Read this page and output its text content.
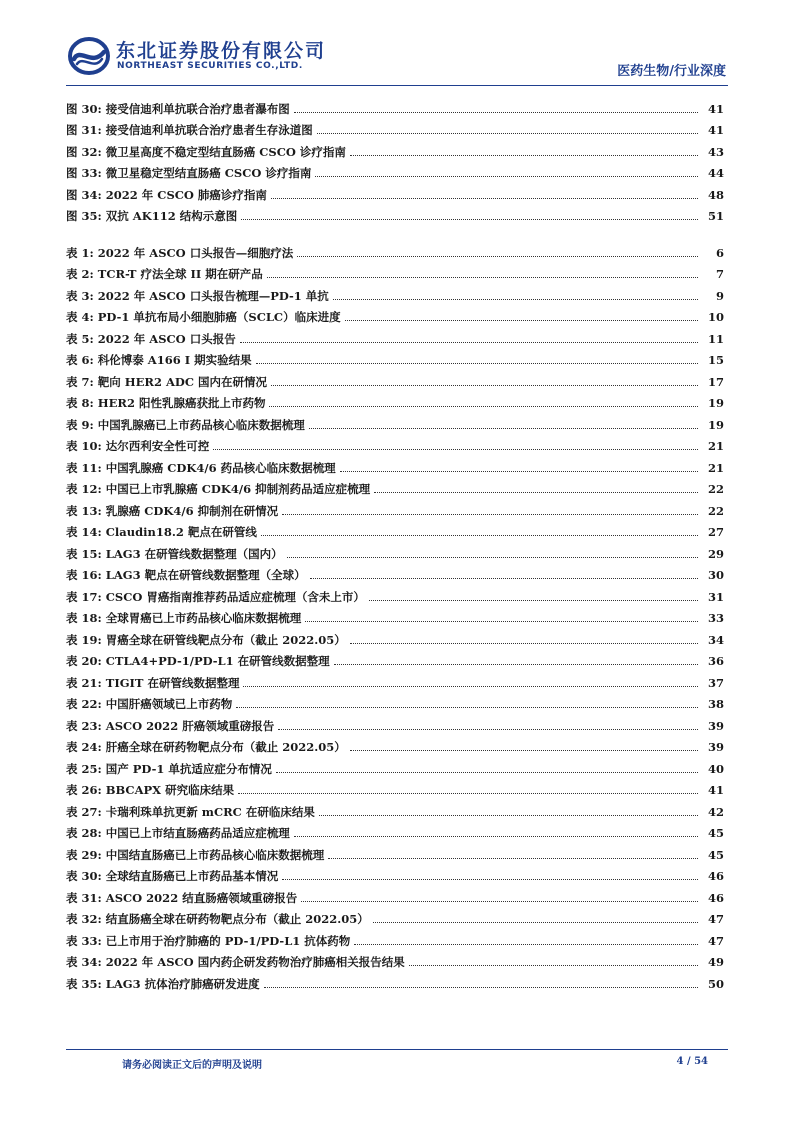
东北证券股份有限公司
NORTHEAST SECURITIES CO.,LTD.	医药生物/行业深度
图 30: 接受信迪利单抗联合治疗患者瀑布图	41
图 31: 接受信迪利单抗联合治疗患者生存泳道图	41
图 32: 微卫星高度不稳定型结直肠癌 CSCO 诊疗指南	43
图 33: 微卫星稳定型结直肠癌 CSCO 诊疗指南	44
图 34: 2022 年 CSCO 肺癌诊疗指南	48
图 35: 双抗 AK112 结构示意图	51
表 1: 2022 年 ASCO 口头报告—细胞疗法	6
表 2: TCR-T 疗法全球 II 期在研产品	7
表 3: 2022 年 ASCO 口头报告梳理—PD-1 单抗	9
表 4: PD-1 单抗布局小细胞肺癌（SCLC）临床进度	10
表 5: 2022 年 ASCO 口头报告	11
表 6: 科伦博泰 A166 I 期实验结果	15
表 7: 靶向 HER2 ADC 国内在研情况	17
表 8: HER2 阳性乳腺癌获批上市药物	19
表 9: 中国乳腺癌已上市药品核心临床数据梳理	19
表 10: 达尔西利安全性可控	21
表 11: 中国乳腺癌 CDK4/6 药品核心临床数据梳理	21
表 12: 中国已上市乳腺癌 CDK4/6 抑制剂药品适应症梳理	22
表 13: 乳腺癌 CDK4/6 抑制剂在研情况	22
表 14: Claudin18.2 靶点在研管线	27
表 15: LAG3 在研管线数据整理（国内）	29
表 16: LAG3 靶点在研管线数据整理（全球）	30
表 17: CSCO 胃癌指南推荐药品适应症梳理（含未上市）	31
表 18: 全球胃癌已上市药品核心临床数据梳理	33
表 19: 胃癌全球在研管线靶点分布（截止 2022.05）	34
表 20: CTLA4+PD-1/PD-L1 在研管线数据整理	36
表 21: TIGIT 在研管线数据整理	37
表 22: 中国肝癌领域已上市药物	38
表 23: ASCO 2022 肝癌领域重磅报告	39
表 24: 肝癌全球在研药物靶点分布（截止 2022.05）	39
表 25: 国产 PD-1 单抗适应症分布情况	40
表 26: BBCAPX 研究临床结果	41
表 27: 卡瑞利珠单抗更新 mCRC 在研临床结果	42
表 28: 中国已上市结直肠癌药品适应症梳理	45
表 29: 中国结直肠癌已上市药品核心临床数据梳理	45
表 30: 全球结直肠癌已上市药品基本情况	46
表 31: ASCO 2022 结直肠癌领域重磅报告	46
表 32: 结直肠癌全球在研药物靶点分布（截止 2022.05）	47
表 33: 已上市用于治疗肺癌的 PD-1/PD-L1 抗体药物	47
表 34: 2022 年 ASCO 国内药企研发药物治疗肺癌相关报告结果	49
表 35: LAG3 抗体治疗肺癌研发进度	50
请务必阅读正文后的声明及说明	4 / 54
